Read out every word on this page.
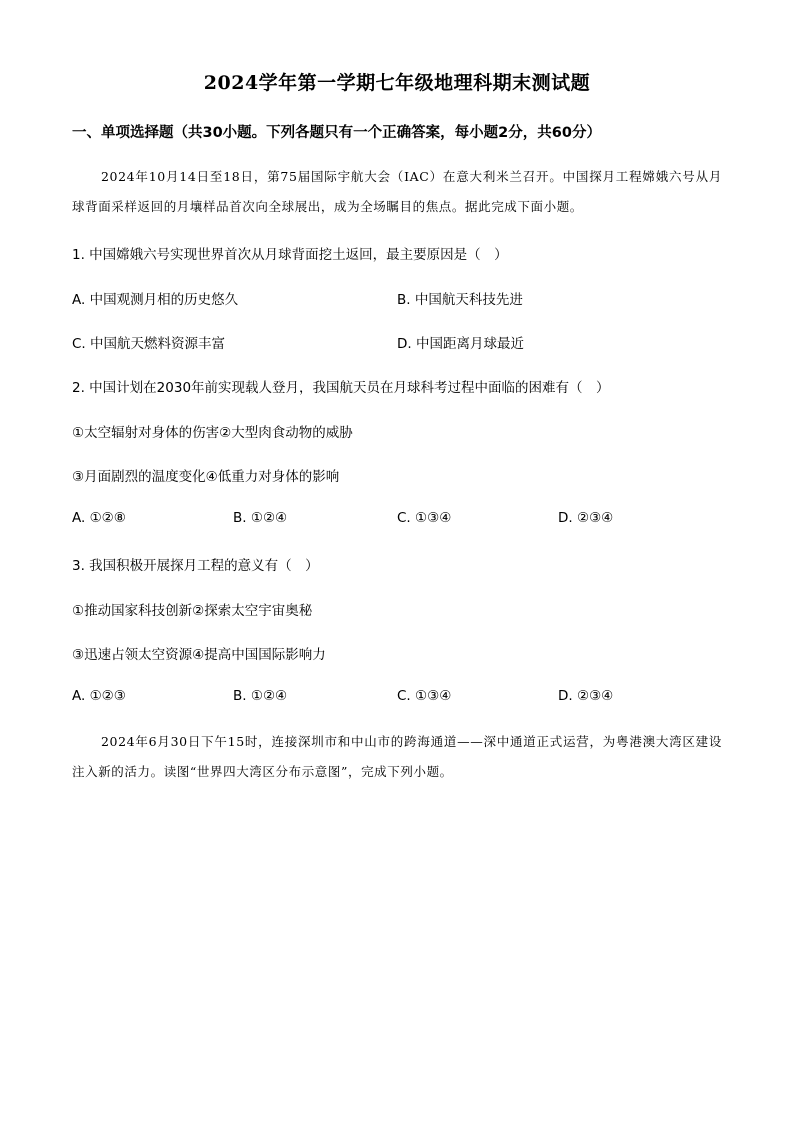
2024学年第一学期七年级地理科期末测试题
一、单项选择题（共30小题。下列各题只有一个正确答案，每小题2分，共60分）
2024年10月14日至18日，第75届国际宇航大会（IAC）在意大利米兰召开。中国探月工程嫦娥六号从月球背面采样返回的月壤样品首次向全球展出，成为全场瞩目的焦点。据此完成下面小题。
1. 中国嫦娥六号实现世界首次从月球背面挖土返回，最主要原因是（　）
A. 中国观测月相的历史悠久	B. 中国航天科技先进
C. 中国航天燃料资源丰富	D. 中国距离月球最近
2. 中国计划在2030年前实现载人登月，我国航天员在月球科考过程中面临的困难有（　）
①太空辐射对身体的伤害②大型肉食动物的威胁
③月面剧烈的温度变化④低重力对身体的影响
A. ①②⑧	B. ①②④	C. ①③④	D. ②③④
3. 我国积极开展探月工程的意义有（　）
①推动国家科技创新②探索太空宇宙奥秘
③迅速占领太空资源④提高中国国际影响力
A. ①②③	B. ①②④	C. ①③④	D. ②③④
2024年6月30日下午15时，连接深圳市和中山市的跨海通道——深中通道正式运营，为粤港澳大湾区建设注入新的活力。读图“世界四大湾区分布示意图”，完成下列小题。
